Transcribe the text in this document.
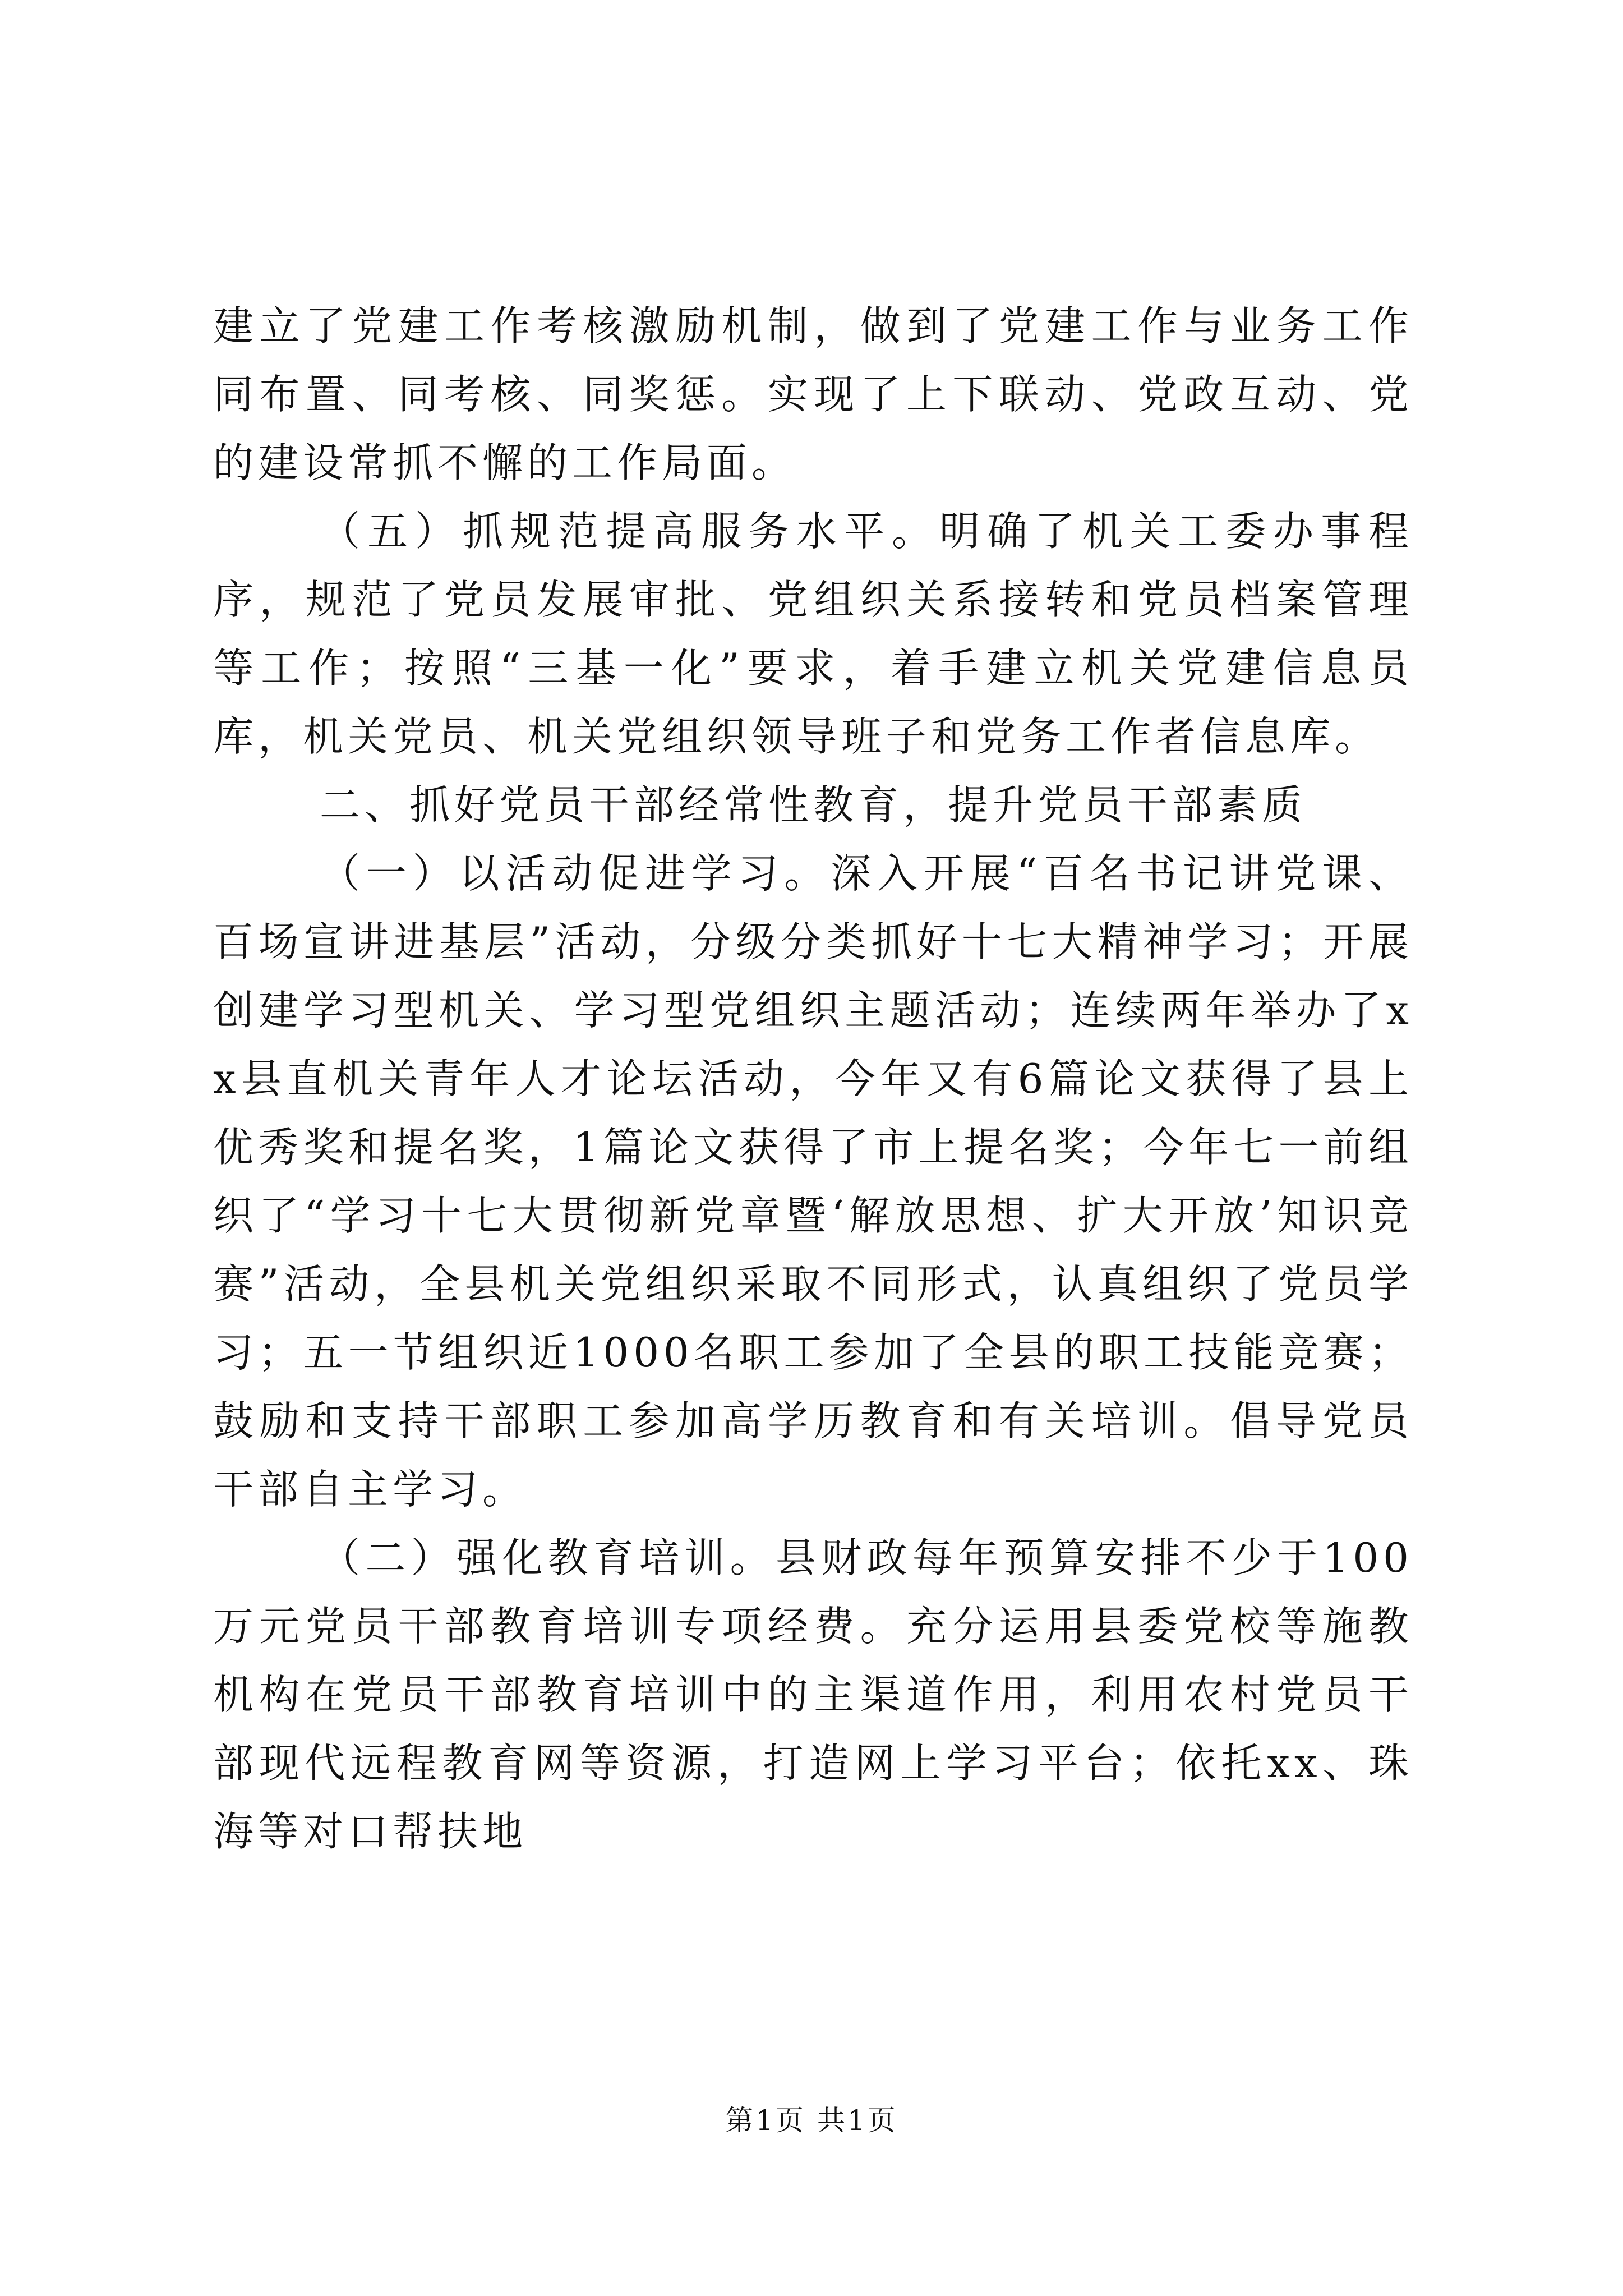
建立了党建工作考核激励机制，做到了党建工作与业务工作同布置、同考核、同奖惩。实现了上下联动、党政互动、党的建设常抓不懈的工作局面。

（五）抓规范提高服务水平。明确了机关工委办事程序，规范了党员发展审批、党组织关系接转和党员档案管理等工作；按照“三基一化”要求，着手建立机关党建信息员库，机关党员、机关党组织领导班子和党务工作者信息库。

二、抓好党员干部经常性教育，提升党员干部素质

（一）以活动促进学习。深入开展“百名书记讲党课、百场宣讲进基层”活动，分级分类抓好十七大精神学习；开展创建学习型机关、学习型党组织主题活动；连续两年举办了xx县直机关青年人才论坛活动，今年又有6篇论文获得了县上优秀奖和提名奖，1篇论文获得了市上提名奖；今年七一前组织了“学习十七大贯彻新党章暨‘解放思想、扩大开放’知识竞赛”活动，全县机关党组织采取不同形式，认真组织了党员学习；五一节组织近1000名职工参加了全县的职工技能竞赛；鼓励和支持干部职工参加高学历教育和有关培训。倡导党员干部自主学习。

（二）强化教育培训。县财政每年预算安排不少于100万元党员干部教育培训专项经费。充分运用县委党校等施教机构在党员干部教育培训中的主渠道作用，利用农村党员干部现代远程教育网等资源，打造网上学习平台；依托xx、珠海等对口帮扶地

第1页 共1页
